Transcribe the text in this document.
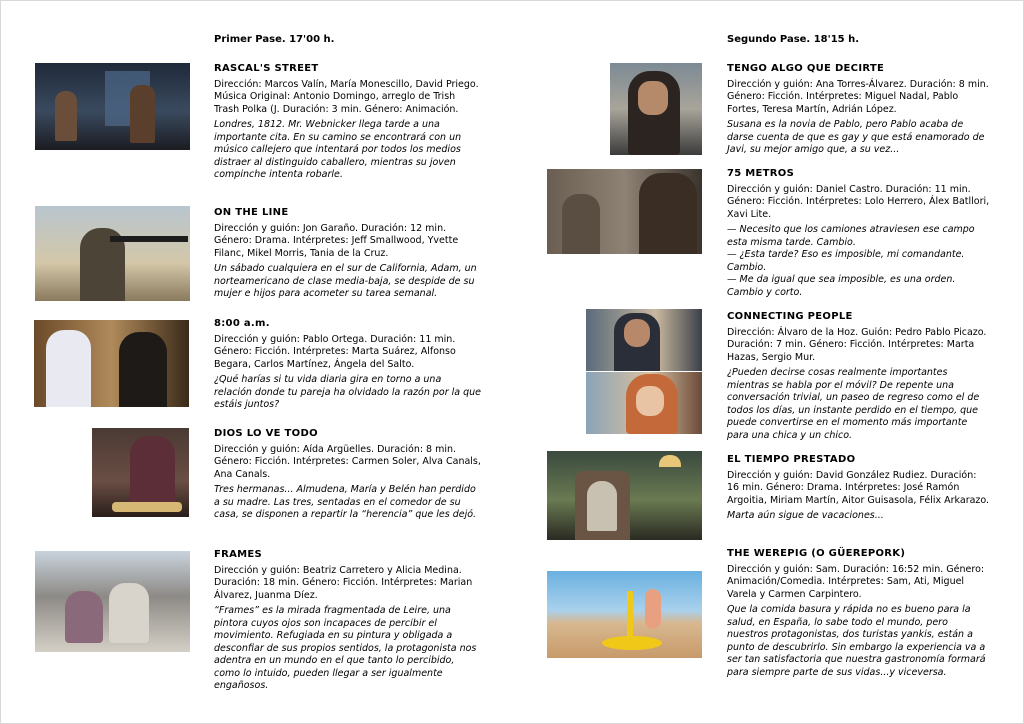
Primer Pase. 17'00 h.	Segundo Pase. 18'15 h.
RASCAL'S STREET

Dirección: Marcos Valín, María Monescillo, David Priego. Música Original: Antonio Domingo, arreglo de Trish Trash Polka (J. Duración: 3 min. Género: Animación.

Londres, 1812. Mr. Webnicker llega tarde a una importante cita. En su camino se encontrará con un músico callejero que intentará por todos los medios distraer al distinguido caballero, mientras su joven compinche intenta robarle.

ON THE LINE

Dirección y guión: Jon Garaño. Duración: 12 min. Género: Drama. Intérpretes: Jeff Smallwood, Yvette Filanc, Mikel Morris, Tania de la Cruz.

Un sábado cualquiera en el sur de California, Adam, un norteamericano de clase media-baja, se despide de su mujer e hijos para acometer su tarea semanal.

8:00 a.m.

Dirección y guión: Pablo Ortega. Duración: 11 min. Género: Ficción. Intérpretes: Marta Suárez, Alfonso Begara, Carlos Martínez, Ángela del Salto.

¿Qué harías si tu vida diaria gira en torno a una relación donde tu pareja ha olvidado la razón por la que estáis juntos?

DIOS LO VE TODO

Dirección y guión: Aída Argüelles. Duración: 8 min. Género: Ficción. Intérpretes: Carmen Soler, Alva Canals, Ana Canals.

Tres hermanas... Almudena, María y Belén han perdido a su madre. Las tres, sentadas en el comedor de su casa, se disponen a repartir la “herencia” que les dejó.

FRAMES

Dirección y guión: Beatriz Carretero y Alicia Medina. Duración: 18 min. Género: Ficción. Intérpretes: Marian Álvarez, Juanma Díez.

“Frames” es la mirada fragmentada de Leire, una pintora cuyos ojos son incapaces de percibir el movimiento. Refugiada en su pintura y obligada a desconfiar de sus propios sentidos, la protagonista nos adentra en un mundo en el que tanto lo percibido, como lo intuido, pueden llegar a ser igualmente engañosos.

TENGO ALGO QUE DECIRTE

Dirección y guión: Ana Torres-Álvarez. Duración: 8 min. Género: Ficción. Intérpretes: Miguel Nadal, Pablo Fortes, Teresa Martín, Adrián López.

Susana es la novia de Pablo, pero Pablo acaba de darse cuenta de que es gay y que está enamorado de Javi, su mejor amigo que, a su vez...

75 METROS

Dirección y guión: Daniel Castro. Duración: 11 min. Género: Ficción. Intérpretes: Lolo Herrero, Álex Batllori, Xavi Lite.

— Necesito que los camiones atraviesen ese campo esta misma tarde. Cambio.
— ¿Esta tarde? Eso es imposible, mi comandante. Cambio.
— Me da igual que sea imposible, es una orden. Cambio y corto.

CONNECTING PEOPLE

Dirección: Álvaro de la Hoz. Guión: Pedro Pablo Picazo. Duración: 7 min. Género: Ficción. Intérpretes: Marta Hazas, Sergio Mur.

¿Pueden decirse cosas realmente importantes mientras se habla por el móvil? De repente una conversación trivial, un paseo de regreso como el de todos los días, un instante perdido en el tiempo, que puede convertirse en el momento más importante para una chica y un chico.

EL TIEMPO PRESTADO

Dirección y guión: David González Rudiez. Duración: 16 min. Género: Drama. Intérpretes: José Ramón Argoitia, Miriam Martín, Aitor Guisasola, Félix Arkarazo.

Marta aún sigue de vacaciones...

THE WEREPIG (O GÜEREPORK)

Dirección y guión: Sam. Duración: 16:52 min. Género: Animación/Comedia. Intérpretes: Sam, Ati, Miguel Varela y Carmen Carpintero.

Que la comida basura y rápida no es bueno para la salud, en España, lo sabe todo el mundo, pero nuestros protagonistas, dos turistas yankis, están a punto de descubrirlo. Sin embargo la experiencia va a ser tan satisfactoria que nuestra gastronomía formará para siempre parte de sus vidas...y viceversa.
